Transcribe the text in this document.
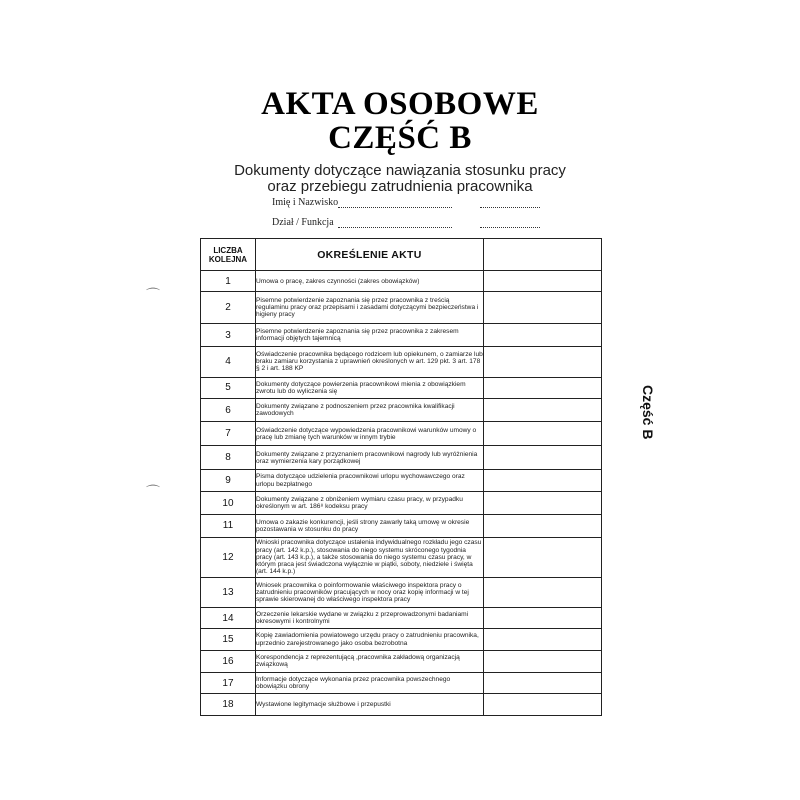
AKTA OSOBOWE
CZĘŚĆ B
Dokumenty dotyczące nawiązania stosunku pracy
oraz przebiegu zatrudnienia pracownika
Imię i Nazwisko
Dział / Funkcja
Część B
⌒
⌒
LICZBA KOLEJNA	OKREŚLENIE AKTU	
1	Umowa o pracę, zakres czynności (zakres obowiązków)	
2	Pisemne potwierdzenie zapoznania się przez pracownika z treścią regulaminu pracy oraz przepisami i zasadami dotyczącymi bezpieczeństwa i higieny pracy	
3	Pisemne potwierdzenie zapoznania się przez pracownika z zakresem informacji objętych tajemnicą	
4	Oświadczenie pracownika będącego rodzicem lub opiekunem, o zamiarze lub braku zamiaru korzystania z uprawnień określonych w art. 129 pkt. 3 art. 178 § 2 i art. 188 KP	
5	Dokumenty dotyczące powierzenia pracownikowi mienia z obowiązkiem zwrotu lub do wyliczenia się	
6	Dokumenty związane z podnoszeniem przez pracownika kwalifikacji zawodowych	
7	Oświadczenie dotyczące wypowiedzenia pracownikowi warunków umowy o pracę lub zmianę tych warunków w innym trybie	
8	Dokumenty związane z przyznaniem pracownikowi nagrody lub wyróżnienia oraz wymierzenia kary porządkowej	
9	Pisma dotyczące udzielenia pracownikowi urlopu wychowawczego oraz urlopu bezpłatnego	
10	Dokumenty związane z obniżeniem wymiaru czasu pracy, w przypadku określonym w art. 186⁸ kodeksu pracy	
11	Umowa o zakazie konkurencji, jeśli strony zawarły taką umowę w okresie pozostawania w stosunku do pracy	
12	Wnioski pracownika dotyczące ustalenia indywidualnego rozkładu jego czasu pracy (art. 142 k.p.), stosowania do niego systemu skróconego tygodnia pracy (art. 143 k.p.), a także stosowania do niego systemu czasu pracy, w którym praca jest świadczona wyłącznie w piątki, soboty, niedziele i święta (art. 144 k.p.)	
13	Wniosek pracownika o poinformowanie właściwego inspektora pracy o zatrudnieniu pracowników pracujących w nocy oraz kopię informacji w tej sprawie skierowanej do właściwego inspektora pracy	
14	Orzeczenie lekarskie wydane w związku z przeprowadzonymi badaniami okresowymi i kontrolnymi	
15	Kopię zawiadomienia powiatowego urzędu pracy o zatrudnieniu pracownika, uprzednio zarejestrowanego jako osoba bezrobotna	
16	Korespondencja z reprezentującą ,pracownika zakładową organizacją związkową	
17	Informacje dotyczące wykonania przez pracownika powszechnego obowiązku obrony	
18	Wystawione legitymacje służbowe i przepustki	
